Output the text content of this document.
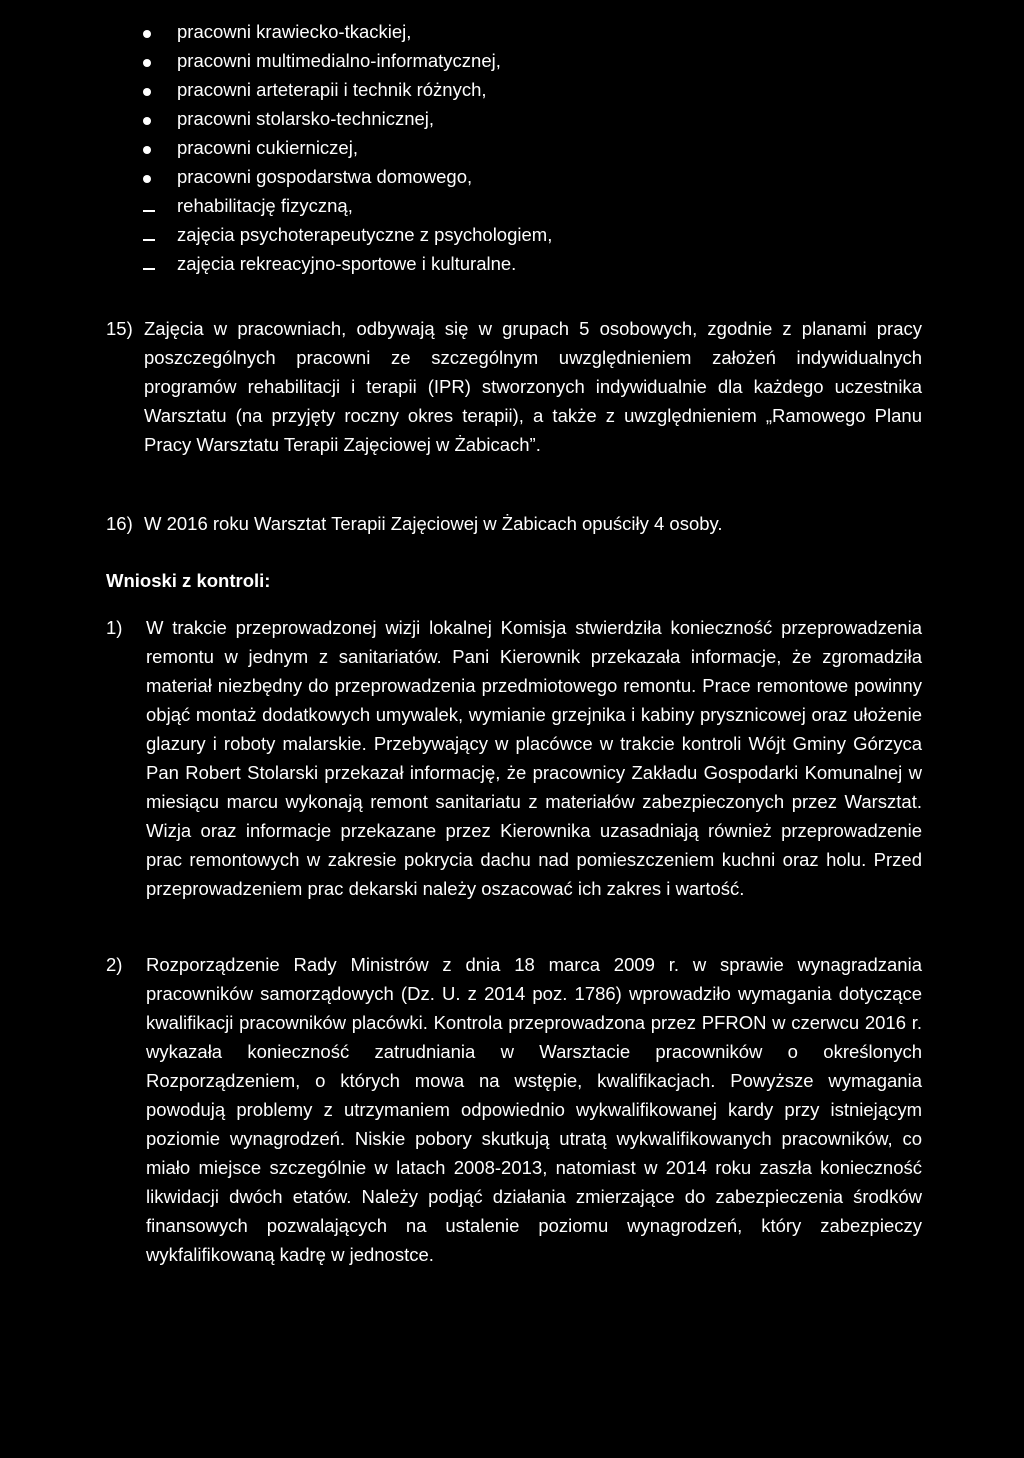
pracowni krawiecko-tkackiej,
pracowni multimedialno-informatycznej,
pracowni arteterapii i technik różnych,
pracowni stolarsko-technicznej,
pracowni cukierniczej,
pracowni gospodarstwa domowego,
rehabilitację fizyczną,
zajęcia psychoterapeutyczne z psychologiem,
zajęcia rekreacyjno-sportowe i kulturalne.
15) Zajęcia w pracowniach, odbywają się w grupach 5 osobowych, zgodnie z planami pracy poszczególnych pracowni ze szczególnym uwzględnieniem założeń indywidualnych programów rehabilitacji i terapii (IPR) stworzonych indywidualnie dla każdego uczestnika Warsztatu (na przyjęty roczny okres terapii), a także z uwzględnieniem „Ramowego Planu Pracy Warsztatu Terapii Zajęciowej w Żabicach”.
16) W 2016 roku Warsztat Terapii Zajęciowej w Żabicach opuściły 4 osoby.
Wnioski z kontroli:
1) W trakcie przeprowadzonej wizji lokalnej Komisja stwierdziła konieczność przeprowadzenia remontu w jednym z sanitariatów. Pani Kierownik przekazała informacje, że zgromadziła materiał niezbędny do przeprowadzenia przedmiotowego remontu. Prace remontowe powinny objąć montaż dodatkowych umywalek, wymianie grzejnika i kabiny prysznicowej oraz ułożenie glazury i roboty malarskie. Przebywający w placówce w trakcie kontroli Wójt Gminy Górzyca Pan Robert Stolarski przekazał informację, że pracownicy Zakładu Gospodarki Komunalnej w miesiącu marcu wykonają remont sanitariatu z materiałów zabezpieczonych przez Warsztat. Wizja oraz informacje przekazane przez Kierownika uzasadniają również przeprowadzenie prac remontowych w zakresie pokrycia dachu nad pomieszczeniem kuchni oraz holu. Przed przeprowadzeniem prac dekarski należy oszacować ich zakres i wartość.
2) Rozporządzenie Rady Ministrów z dnia 18 marca 2009 r. w sprawie wynagradzania pracowników samorządowych (Dz. U. z 2014 poz. 1786) wprowadziło wymagania dotyczące kwalifikacji pracowników placówki. Kontrola przeprowadzona przez PFRON w czerwcu 2016 r. wykazała konieczność zatrudniania w Warsztacie pracowników o określonych Rozporządzeniem, o których mowa na wstępie, kwalifikacjach. Powyższe wymagania powodują problemy z utrzymaniem odpowiednio wykwalifikowanej kardy przy istniejącym poziomie wynagrodzeń. Niskie pobory skutkują utratą wykwalifikowanych pracowników, co miało miejsce szczególnie w latach 2008-2013, natomiast w 2014 roku zaszła konieczność likwidacji dwóch etatów. Należy podjąć działania zmierzające do zabezpieczenia środków finansowych pozwalających na ustalenie poziomu wynagrodzeń, który zabezpieczy wykfalifikowaną kadrę w jednostce.
